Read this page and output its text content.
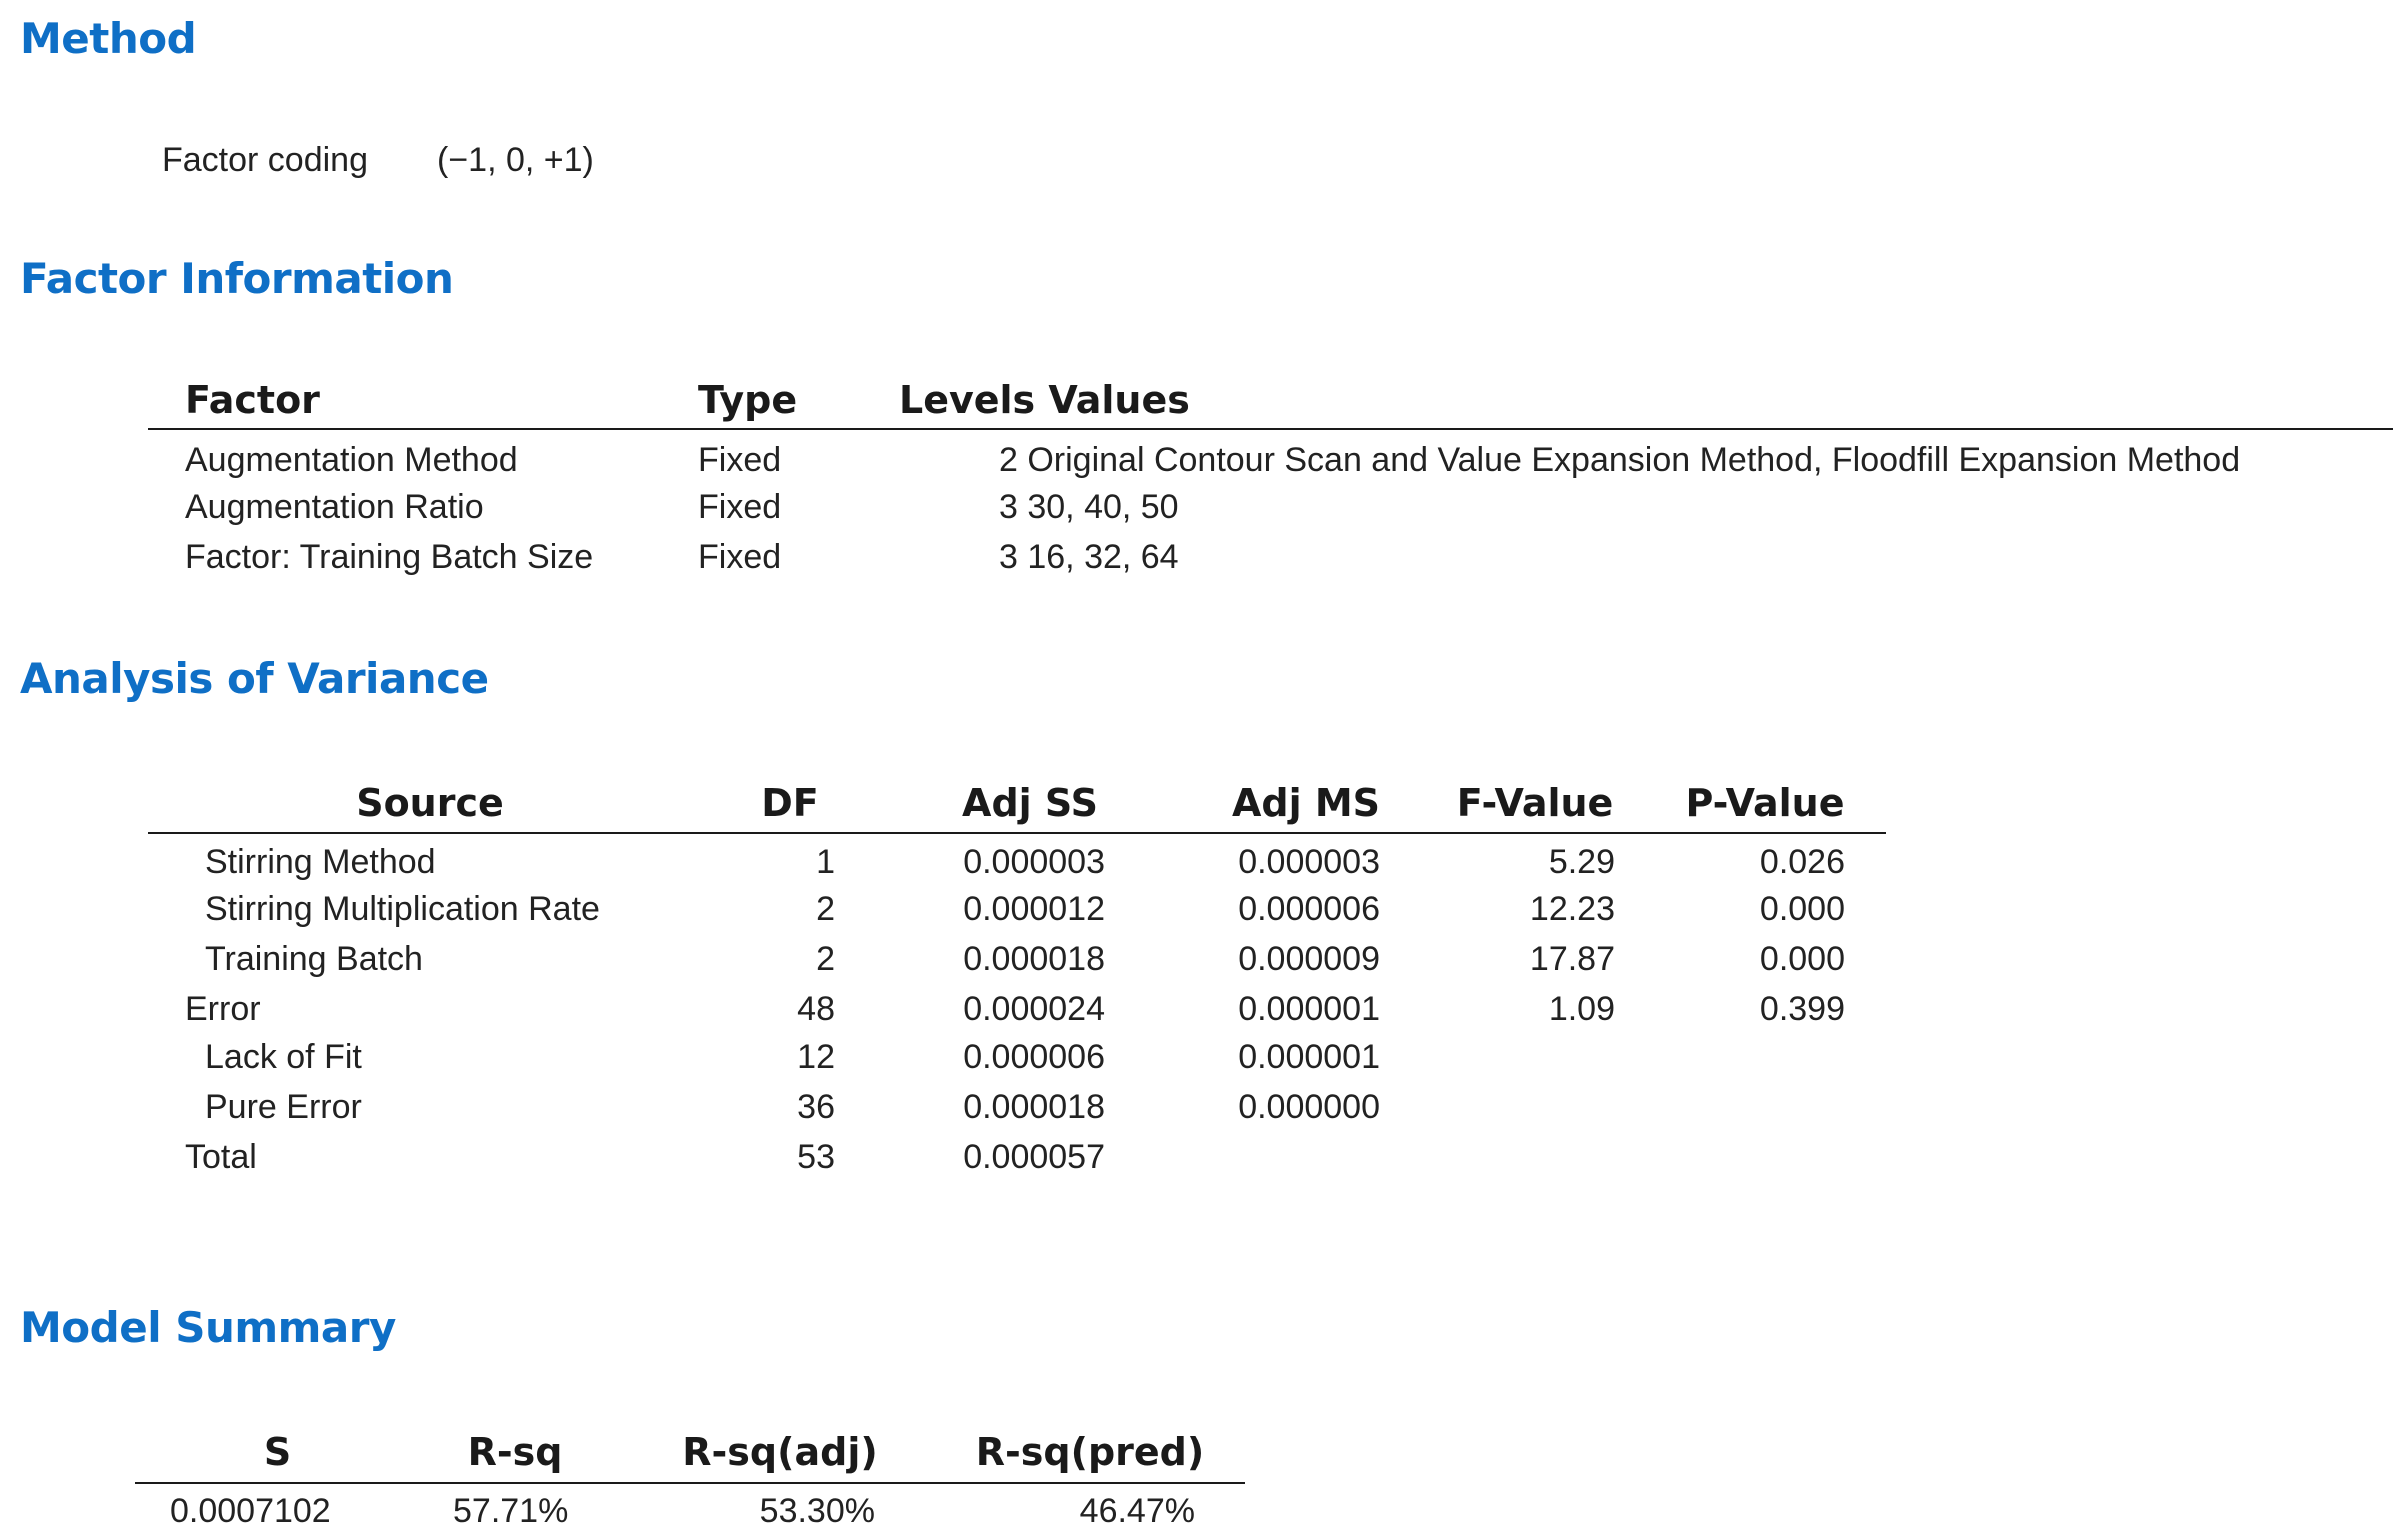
Method
Factor coding (−1, 0, +1)
Factor Information
Factor	Type	Levels Values
Augmentation Method	Fixed	2 Original Contour Scan and Value Expansion Method, Floodfill Expansion Method
Augmentation Ratio	Fixed	3 30, 40, 50
Factor: Training Batch Size	Fixed	3 16, 32, 64
Analysis of Variance
Source	DF	Adj SS	Adj MS	F-Value	P-Value
Stirring Method	1	0.000003	0.000003	5.29	0.026
Stirring Multiplication Rate	2	0.000012	0.000006	12.23	0.000
Training Batch	2	0.000018	0.000009	17.87	0.000
Error	48	0.000024	0.000001	1.09	0.399
Lack of Fit	12	0.000006	0.000001
Pure Error	36	0.000018	0.000000
Total	53	0.000057
Model Summary
S	R-sq	R-sq(adj)	R-sq(pred)
0.0007102	57.71%	53.30%	46.47%
